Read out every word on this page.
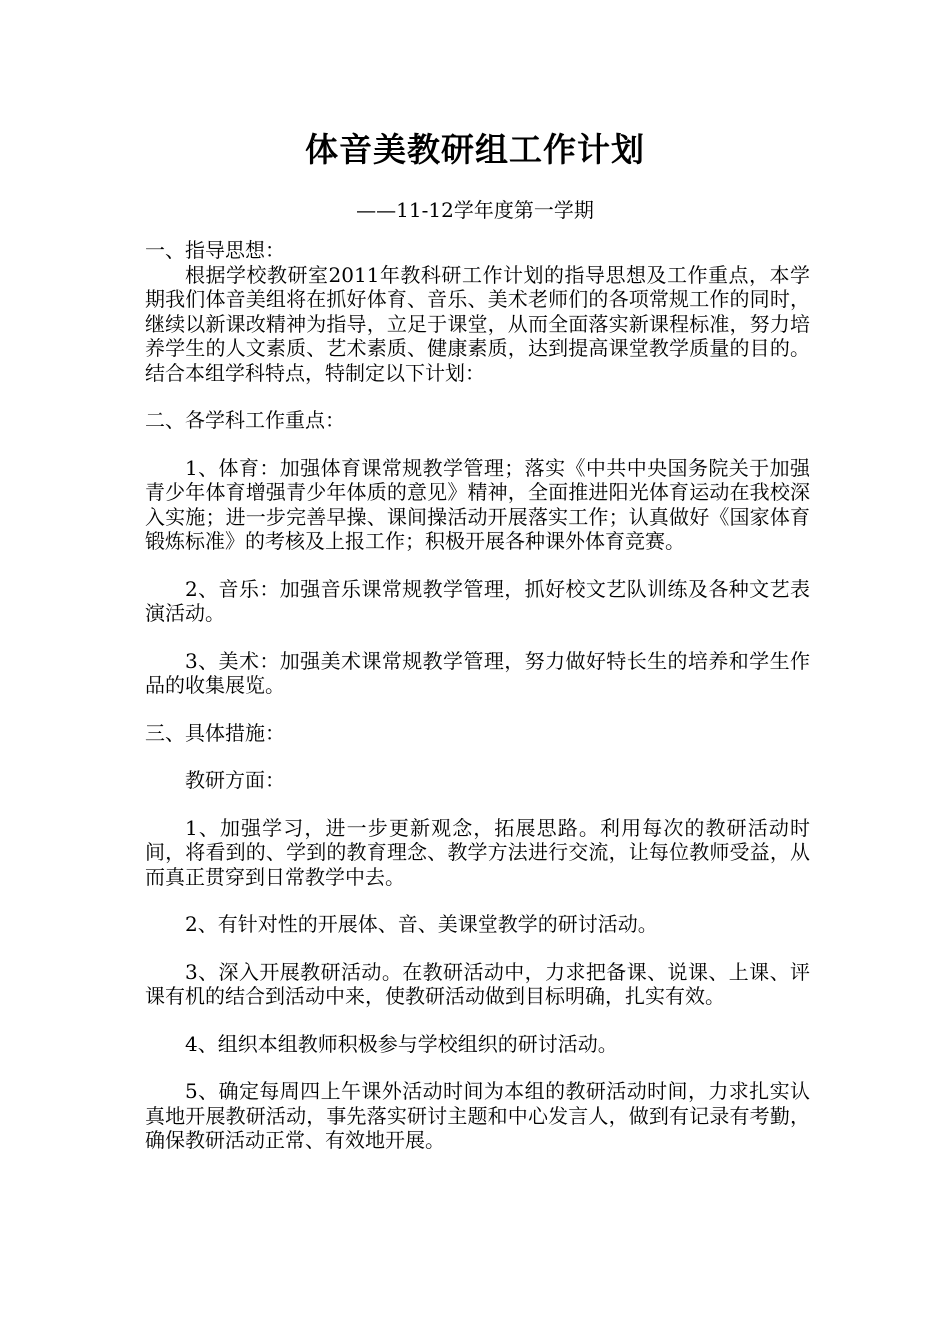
体音美教研组工作计划
——11-12学年度第一学期

一、指导思想：

根据学校教研室2011年教科研工作计划的指导思想及工作重点，本学期我们体音美组将在抓好体育、音乐、美术老师们的各项常规工作的同时，继续以新课改精神为指导，立足于课堂，从而全面落实新课程标准，努力培养学生的人文素质、艺术素质、健康素质，达到提高课堂教学质量的目的。结合本组学科特点，特制定以下计划：

二、各学科工作重点：

1、体育：加强体育课常规教学管理；落实《中共中央国务院关于加强青少年体育增强青少年体质的意见》精神，全面推进阳光体育运动在我校深入实施；进一步完善早操、课间操活动开展落实工作；认真做好《国家体育锻炼标准》的考核及上报工作；积极开展各种课外体育竞赛。

2、音乐：加强音乐课常规教学管理，抓好校文艺队训练及各种文艺表演活动。

3、美术：加强美术课常规教学管理，努力做好特长生的培养和学生作品的收集展览。

三、具体措施：

教研方面：

1、加强学习，进一步更新观念，拓展思路。利用每次的教研活动时间，将看到的、学到的教育理念、教学方法进行交流，让每位教师受益，从而真正贯穿到日常教学中去。

2、有针对性的开展体、音、美课堂教学的研讨活动。

3、深入开展教研活动。在教研活动中，力求把备课、说课、上课、评课有机的结合到活动中来，使教研活动做到目标明确，扎实有效。

4、组织本组教师积极参与学校组织的研讨活动。

5、确定每周四上午课外活动时间为本组的教研活动时间，力求扎实认真地开展教研活动，事先落实研讨主题和中心发言人，做到有记录有考勤，确保教研活动正常、有效地开展。
